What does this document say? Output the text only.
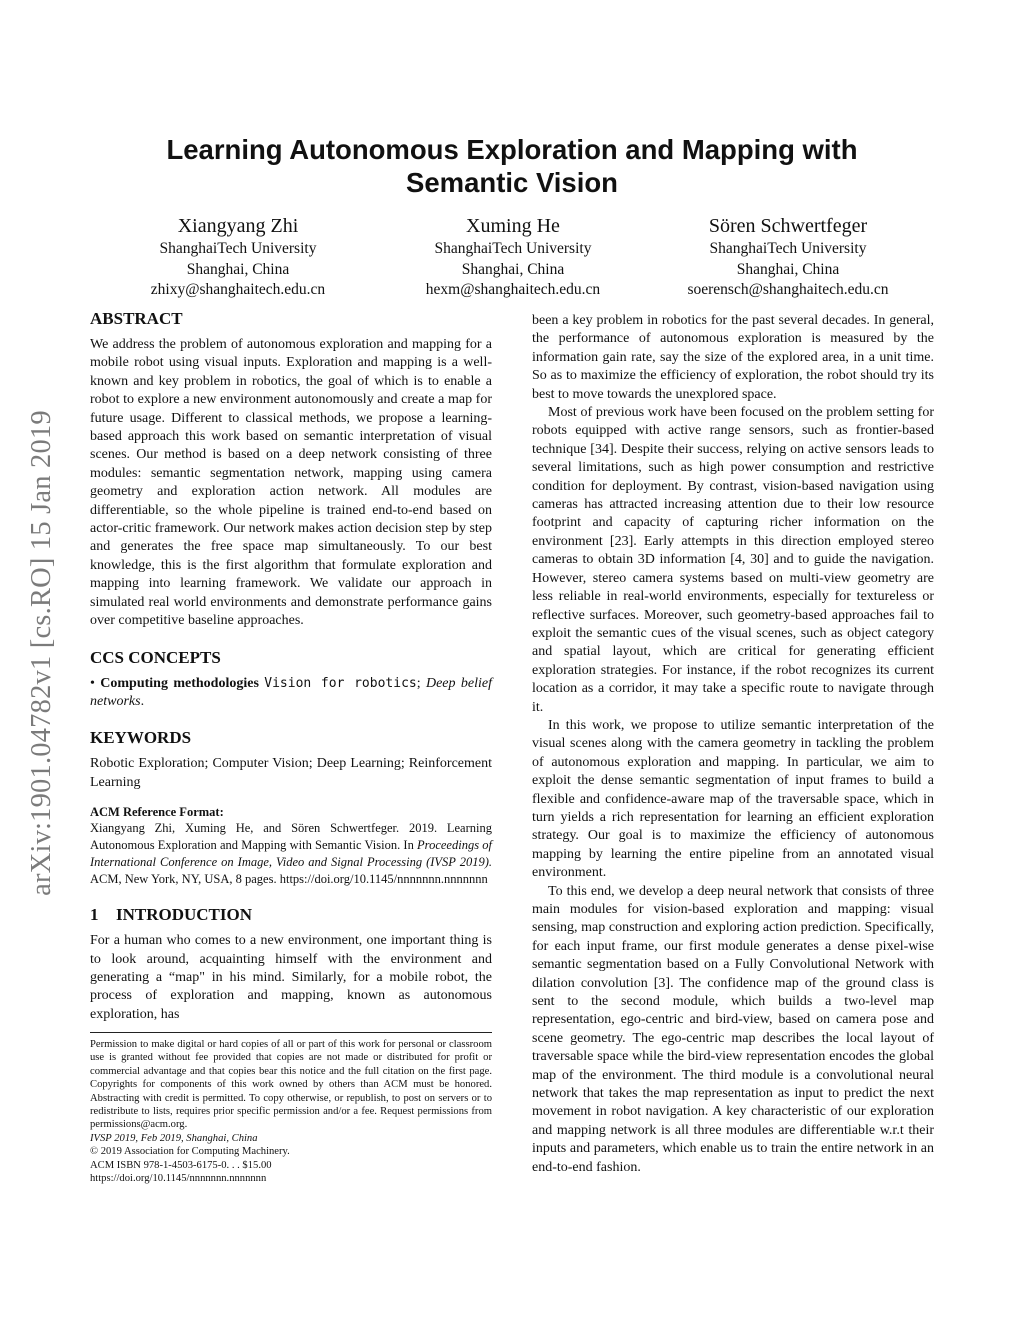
arXiv:1901.04782v1 [cs.RO] 15 Jan 2019
Learning Autonomous Exploration and Mapping with Semantic Vision
Xiangyang Zhi
ShanghaiTech University
Shanghai, China
zhixy@shanghaitech.edu.cn
Xuming He
ShanghaiTech University
Shanghai, China
hexm@shanghaitech.edu.cn
Sören Schwertfeger
ShanghaiTech University
Shanghai, China
soerensch@shanghaitech.edu.cn
ABSTRACT

We address the problem of autonomous exploration and mapping for a mobile robot using visual inputs. Exploration and mapping is a well-known and key problem in robotics, the goal of which is to enable a robot to explore a new environment autonomously and create a map for future usage. Different to classical methods, we propose a learning-based approach this work based on semantic interpretation of visual scenes. Our method is based on a deep network consisting of three modules: semantic segmentation network, mapping using camera geometry and exploration action network. All modules are differentiable, so the whole pipeline is trained end-to-end based on actor-critic framework. Our network makes action decision step by step and generates the free space map simultaneously. To our best knowledge, this is the first algorithm that formulate exploration and mapping into learning framework. We validate our approach in simulated real world environments and demonstrate performance gains over competitive baseline approaches.

CCS CONCEPTS

• Computing methodologies Vision for robotics; Deep belief networks.

KEYWORDS

Robotic Exploration; Computer Vision; Deep Learning; Reinforcement Learning

ACM Reference Format:

Xiangyang Zhi, Xuming He, and Sören Schwertfeger. 2019. Learning Autonomous Exploration and Mapping with Semantic Vision. In Proceedings of International Conference on Image, Video and Signal Processing (IVSP 2019). ACM, New York, NY, USA, 8 pages. https://doi.org/10.1145/nnnnnnn.nnnnnnn

1 INTRODUCTION

For a human who comes to a new environment, one important thing is to look around, acquainting himself with the environment and generating a “map" in his mind. Similarly, for a mobile robot, the process of exploration and mapping, known as autonomous exploration, has

Permission to make digital or hard copies of all or part of this work for personal or classroom use is granted without fee provided that copies are not made or distributed for profit or commercial advantage and that copies bear this notice and the full citation on the first page. Copyrights for components of this work owned by others than ACM must be honored. Abstracting with credit is permitted. To copy otherwise, or republish, to post on servers or to redistribute to lists, requires prior specific permission and/or a fee. Request permissions from permissions@acm.org.

IVSP 2019, Feb 2019, Shanghai, China

© 2019 Association for Computing Machinery.

ACM ISBN 978-1-4503-6175-0. . . $15.00

https://doi.org/10.1145/nnnnnnn.nnnnnnn

been a key problem in robotics for the past several decades. In general, the performance of autonomous exploration is measured by the information gain rate, say the size of the explored area, in a unit time. So as to maximize the efficiency of exploration, the robot should try its best to move towards the unexplored space.

Most of previous work have been focused on the problem setting for robots equipped with active range sensors, such as frontier-based technique [34]. Despite their success, relying on active sensors leads to several limitations, such as high power consumption and restrictive condition for deployment. By contrast, vision-based navigation using cameras has attracted increasing attention due to their low resource footprint and capacity of capturing richer information on the environment [23]. Early attempts in this direction employed stereo cameras to obtain 3D information [4, 30] and to guide the navigation. However, stereo camera systems based on multi-view geometry are less reliable in real-world environments, especially for textureless or reflective surfaces. Moreover, such geometry-based approaches fail to exploit the semantic cues of the visual scenes, such as object category and spatial layout, which are critical for generating efficient exploration strategies. For instance, if the robot recognizes its current location as a corridor, it may take a specific route to navigate through it.

In this work, we propose to utilize semantic interpretation of the visual scenes along with the camera geometry in tackling the problem of autonomous exploration and mapping. In particular, we aim to exploit the dense semantic segmentation of input frames to build a flexible and confidence-aware map of the traversable space, which in turn yields a rich representation for learning an efficient exploration strategy. Our goal is to maximize the efficiency of autonomous mapping by learning the entire pipeline from an annotated visual environment.

To this end, we develop a deep neural network that consists of three main modules for vision-based exploration and mapping: visual sensing, map construction and exploring action prediction. Specifically, for each input frame, our first module generates a dense pixel-wise semantic segmentation based on a Fully Convolutional Network with dilation convolution [3]. The confidence map of the ground class is sent to the second module, which builds a two-level map representation, ego-centric and bird-view, based on camera pose and scene geometry. The ego-centric map describes the local layout of traversable space while the bird-view representation encodes the global map of the environment. The third module is a convolutional neural network that takes the map representation as input to predict the next movement in robot navigation. A key characteristic of our exploration and mapping network is all three modules are differentiable w.r.t their inputs and parameters, which enable us to train the entire network in an end-to-end fashion.
